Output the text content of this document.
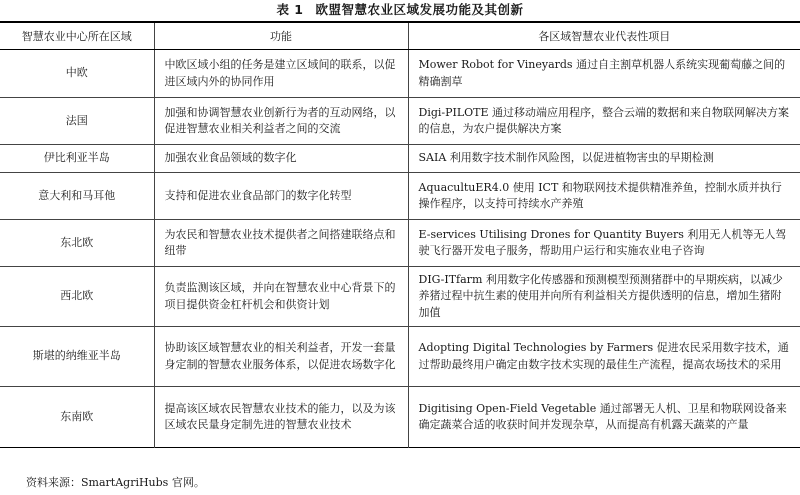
表 1 欧盟智慧农业区域发展功能及其创新
智慧农业中心所在区域	功能	各区域智慧农业代表性项目
中欧	中欧区域小组的任务是建立区域间的联系，以促进区域内外的协同作用	Mower Robot for Vineyards 通过自主割草机器人系统实现葡萄藤之间的精确割草
法国	加强和协调智慧农业创新行为者的互动网络，以促进智慧农业相关利益者之间的交流	Digi-PILOTE 通过移动端应用程序，整合云端的数据和来自物联网解决方案的信息，为农户提供解决方案
伊比利亚半岛	加强农业食品领域的数字化	SAIA 利用数字技术制作风险图，以促进植物害虫的早期检测
意大利和马耳他	支持和促进农业食品部门的数字化转型	AquacultuER4.0 使用 ICT 和物联网技术提供精准养鱼，控制水质并执行操作程序，以支持可持续水产养殖
东北欧	为农民和智慧农业技术提供者之间搭建联络点和纽带	E-services Utilising Drones for Quantity Buyers 利用无人机等无人驾驶飞行器开发电子服务，帮助用户运行和实施农业电子咨询
西北欧	负责监测该区域，并向在智慧农业中心背景下的项目提供资金杠杆机会和供资计划	DIG-ITfarm 利用数字化传感器和预测模型预测猪群中的早期疾病，以减少养猪过程中抗生素的使用并向所有利益相关方提供透明的信息，增加生猪附加值
斯堪的纳维亚半岛	协助该区域智慧农业的相关利益者，开发一套量身定制的智慧农业服务体系，以促进农场数字化	Adopting Digital Technologies by Farmers 促进农民采用数字技术，通过帮助最终用户确定由数字技术实现的最佳生产流程，提高农场技术的采用
东南欧	提高该区域农民智慧农业技术的能力，以及为该区域农民量身定制先进的智慧农业技术	Digitising Open-Field Vegetable 通过部署无人机、卫星和物联网设备来确定蔬菜合适的收获时间并发现杂草，从而提高有机露天蔬菜的产量
资料来源：SmartAgriHubs 官网。
